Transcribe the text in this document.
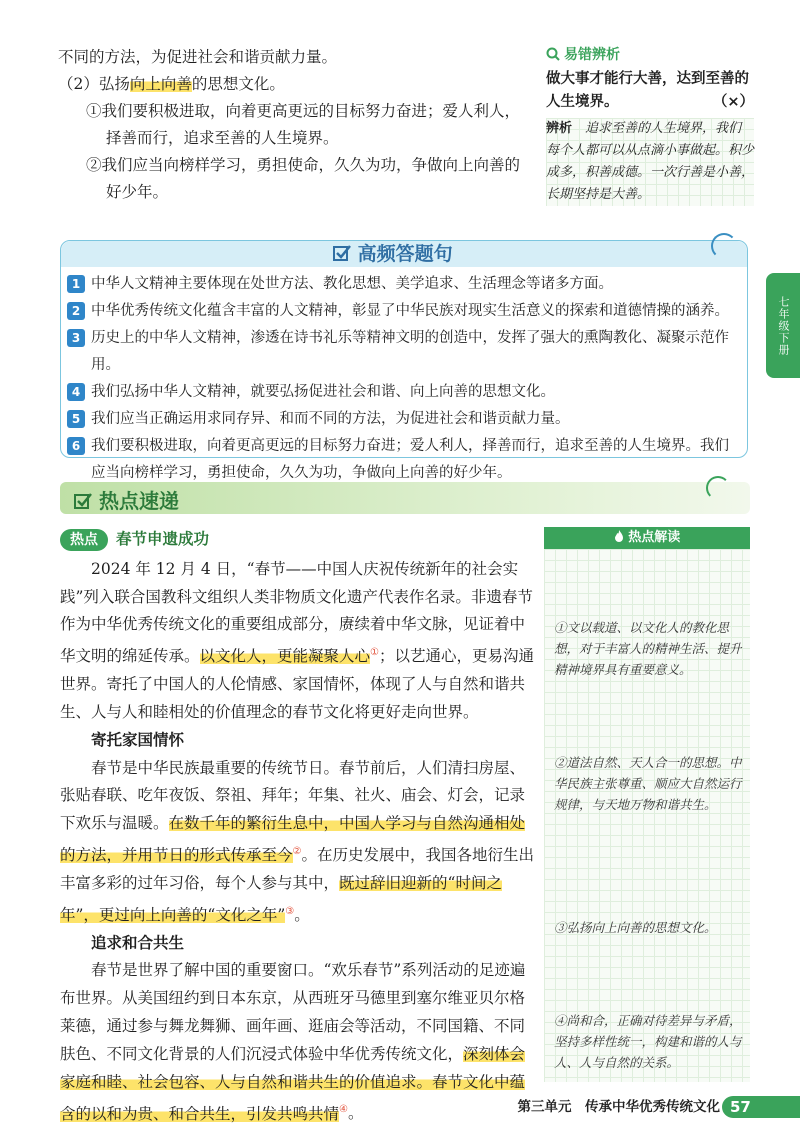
不同的方法，为促进社会和谐贡献力量。

（2）弘扬向上向善的思想文化。

①我们要积极进取，向着更高更远的目标努力奋进；爱人利人，择善而行，追求至善的人生境界。

②我们应当向榜样学习，勇担使命，久久为功，争做向上向善的好少年。

易错辨析
做大事才能行大善，达到至善的人生境界。	（×）
辨析　 追求至善的人生境界，我们每个人都可以从点滴小事做起。积少成多，积善成德。一次行善是小善，长期坚持是大善。
七年级下册
高频答题句
1 中华人文精神主要体现在处世方法、教化思想、美学追求、生活理念等诸多方面。
2 中华优秀传统文化蕴含丰富的人文精神，彰显了中华民族对现实生活意义的探索和道德情操的涵养。
3 历史上的中华人文精神，渗透在诗书礼乐等精神文明的创造中，发挥了强大的熏陶教化、凝聚示范作用。
4 我们弘扬中华人文精神，就要弘扬促进社会和谐、向上向善的思想文化。
5 我们应当正确运用求同存异、和而不同的方法，为促进社会和谐贡献力量。
6 我们要积极进取，向着更高更远的目标努力奋进；爱人利人，择善而行，追求至善的人生境界。我们应当向榜样学习，勇担使命，久久为功，争做向上向善的好少年。
热点速递
热点	春节申遗成功

2024 年 12 月 4 日，“春节——中国人庆祝传统新年的社会实践”列入联合国教科文组织人类非物质文化遗产代表作名录。非遗春节作为中华优秀传统文化的重要组成部分，赓续着中华文脉，见证着中华文明的绵延传承。以文化人，更能凝聚人心①；以艺通心，更易沟通世界。寄托了中国人的人伦情感、家国情怀，体现了人与自然和谐共生、人与人和睦相处的价值理念的春节文化将更好走向世界。

寄托家国情怀

春节是中华民族最重要的传统节日。春节前后，人们清扫房屋、张贴春联、吃年夜饭、祭祖、拜年；年集、社火、庙会、灯会，记录下欢乐与温暖。在数千年的繁衍生息中，中国人学习与自然沟通相处的方法，并用节日的形式传承至今②。在历史发展中，我国各地衍生出丰富多彩的过年习俗，每个人参与其中，既过辞旧迎新的“时间之年”，更过向上向善的“文化之年”③。

追求和合共生

春节是世界了解中国的重要窗口。“欢乐春节”系列活动的足迹遍布世界。从美国纽约到日本东京，从西班牙马德里到塞尔维亚贝尔格莱德，通过参与舞龙舞狮、画年画、逛庙会等活动，不同国籍、不同肤色、不同文化背景的人们沉浸式体验中华优秀传统文化，深刻体会家庭和睦、社会包容、人与自然和谐共生的价值追求。春节文化中蕴含的以和为贵、和合共生，引发共鸣共情④。

热点解读
①文以载道、以文化人的教化思想，对于丰富人的精神生活、提升精神境界具有重要意义。
②道法自然、天人合一的思想。中华民族主张尊重、顺应大自然运行规律，与天地万物和谐共生。
③弘扬向上向善的思想文化。
④尚和合，正确对待差异与矛盾，坚持多样性统一，构建和谐的人与人、人与自然的关系。
第三单元　传承中华优秀传统文化 57
